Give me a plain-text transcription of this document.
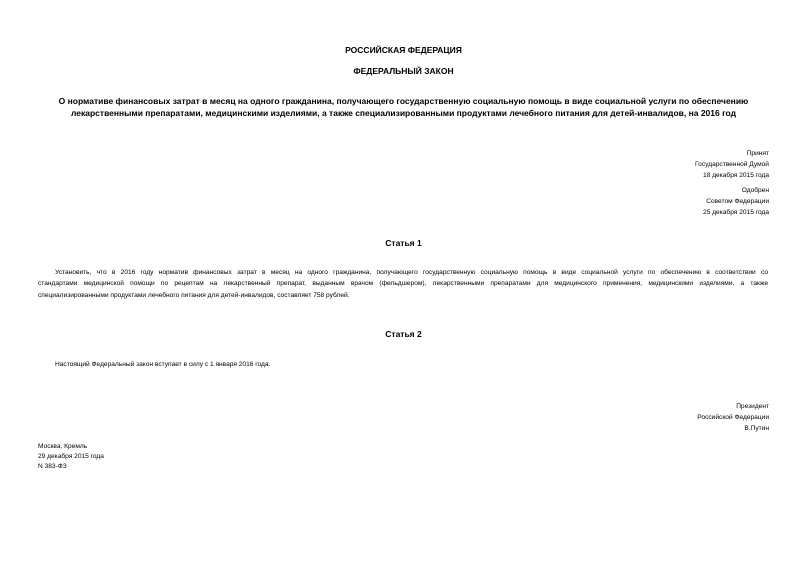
РОССИЙСКАЯ ФЕДЕРАЦИЯ
ФЕДЕРАЛЬНЫЙ ЗАКОН
О нормативе финансовых затрат в месяц на одного гражданина, получающего государственную социальную помощь в виде социальной услуги по обеспечению
лекарственными препаратами, медицинскими изделиями, а также специализированными продуктами лечебного питания для детей-инвалидов, на 2016 год
Принят
Государственной Думой
18 декабря 2015 года
Одобрен
Советом Федерации
25 декабря 2015 года
Статья 1
Установить, что в 2016 году норматив финансовых затрат в месяц на одного гражданина, получающего государственную социальную помощь в виде социальной услуги по обеспечению в соответствии со
стандартами медицинской помощи по рецептам на лекарственный препарат, выданным врачом (фельдшером), лекарственными препаратами для медицинского применения, медицинскими изделиями, а также
специализированными продуктами лечебного питания для детей-инвалидов, составляет 758 рублей.
Статья 2
Настоящий Федеральный закон вступает в силу с 1 января 2016 года.
Президент
Российской Федерации
В.Путин
Москва, Кремль
29 декабря 2015 года
N 383-ФЗ
